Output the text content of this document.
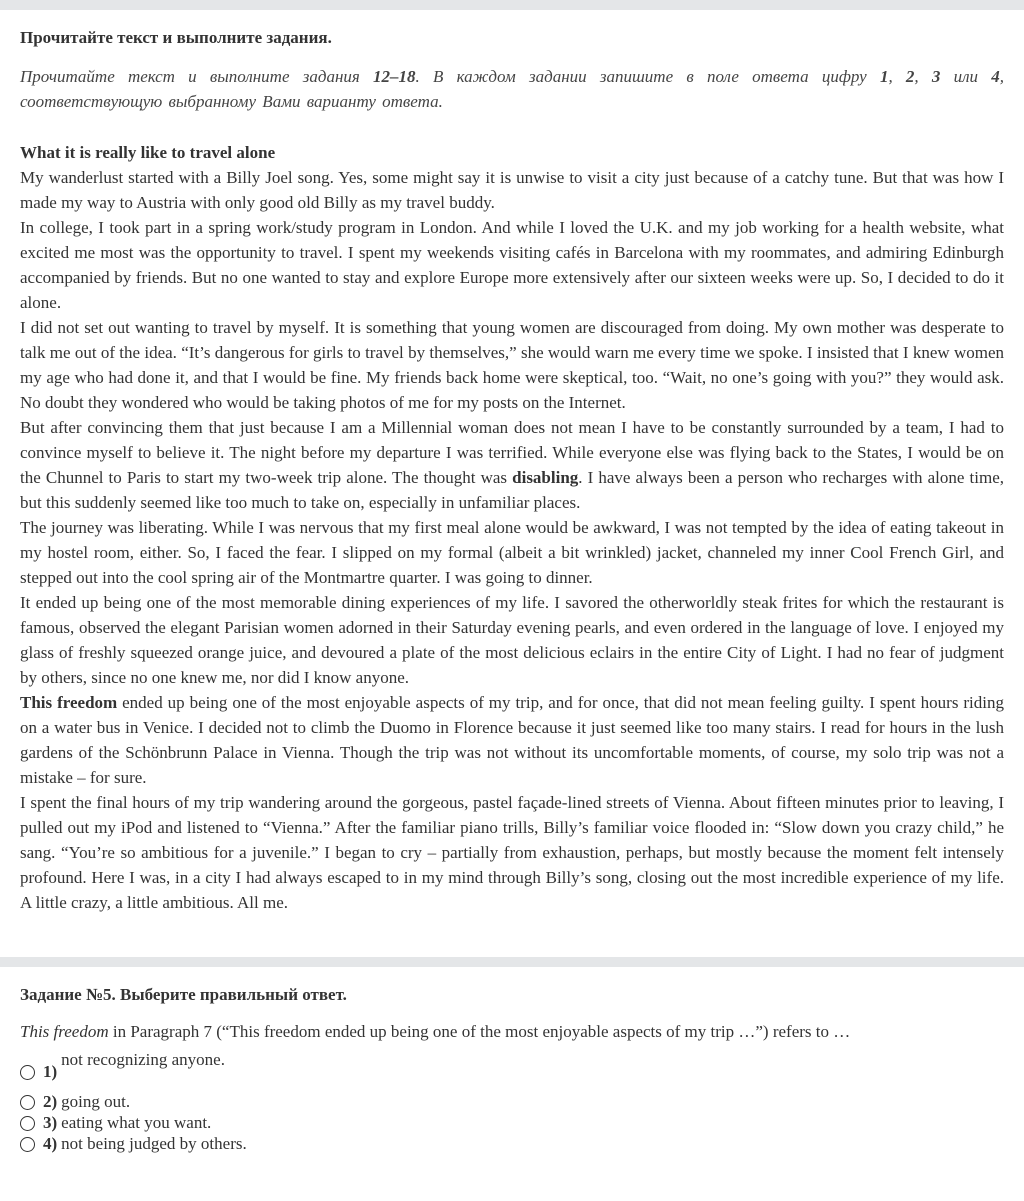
Прочитайте текст и выполните задания.

Прочитайте текст и выполните задания 12–18. В каждом задании запишите в поле ответа цифру 1, 2, 3 или 4, соответствующую выбранному Вами варианту ответа.

What it is really like to travel alone

My wanderlust started with a Billy Joel song. Yes, some might say it is unwise to visit a city just because of a catchy tune. But that was how I made my way to Austria with only good old Billy as my travel buddy.

In college, I took part in a spring work/study program in London. And while I loved the U.K. and my job working for a health website, what excited me most was the opportunity to travel. I spent my weekends visiting cafés in Barcelona with my roommates, and admiring Edinburgh accompanied by friends. But no one wanted to stay and explore Europe more extensively after our sixteen weeks were up. So, I decided to do it alone.

I did not set out wanting to travel by myself. It is something that young women are discouraged from doing. My own mother was desperate to talk me out of the idea. “It’s dangerous for girls to travel by themselves,” she would warn me every time we spoke. I insisted that I knew women my age who had done it, and that I would be fine. My friends back home were skeptical, too. “Wait, no one’s going with you?” they would ask. No doubt they wondered who would be taking photos of me for my posts on the Internet.

But after convincing them that just because I am a Millennial woman does not mean I have to be constantly surrounded by a team, I had to convince myself to believe it. The night before my departure I was terrified. While everyone else was flying back to the States, I would be on the Chunnel to Paris to start my two-week trip alone. The thought was disabling. I have always been a person who recharges with alone time, but this suddenly seemed like too much to take on, especially in unfamiliar places.

The journey was liberating. While I was nervous that my first meal alone would be awkward, I was not tempted by the idea of eating takeout in my hostel room, either. So, I faced the fear. I slipped on my formal (albeit a bit wrinkled) jacket, channeled my inner Cool French Girl, and stepped out into the cool spring air of the Montmartre quarter. I was going to dinner.

It ended up being one of the most memorable dining experiences of my life. I savored the otherworldly steak frites for which the restaurant is famous, observed the elegant Parisian women adorned in their Saturday evening pearls, and even ordered in the language of love. I enjoyed my glass of freshly squeezed orange juice, and devoured a plate of the most delicious eclairs in the entire City of Light. I had no fear of judgment by others, since no one knew me, nor did I know anyone.

This freedom ended up being one of the most enjoyable aspects of my trip, and for once, that did not mean feeling guilty. I spent hours riding on a water bus in Venice. I decided not to climb the Duomo in Florence because it just seemed like too many stairs. I read for hours in the lush gardens of the Schönbrunn Palace in Vienna. Though the trip was not without its uncomfortable moments, of course, my solo trip was not a mistake – for sure.

I spent the final hours of my trip wandering around the gorgeous, pastel façade-lined streets of Vienna. About fifteen minutes prior to leaving, I pulled out my iPod and listened to “Vienna.” After the familiar piano trills, Billy’s familiar voice flooded in: “Slow down you crazy child,” he sang. “You’re so ambitious for a juvenile.” I began to cry – partially from exhaustion, perhaps, but mostly because the moment felt intensely profound. Here I was, in a city I had always escaped to in my mind through Billy’s song, closing out the most incredible experience of my life. A little crazy, a little ambitious. All me.

Задание №5. Выберите правильный ответ.
This freedom in Paragraph 7 (“This freedom ended up being one of the most enjoyable aspects of my trip …”) refers to …
1)
not recognizing anyone.
2) going out.
3) eating what you want.
4) not being judged by others.
